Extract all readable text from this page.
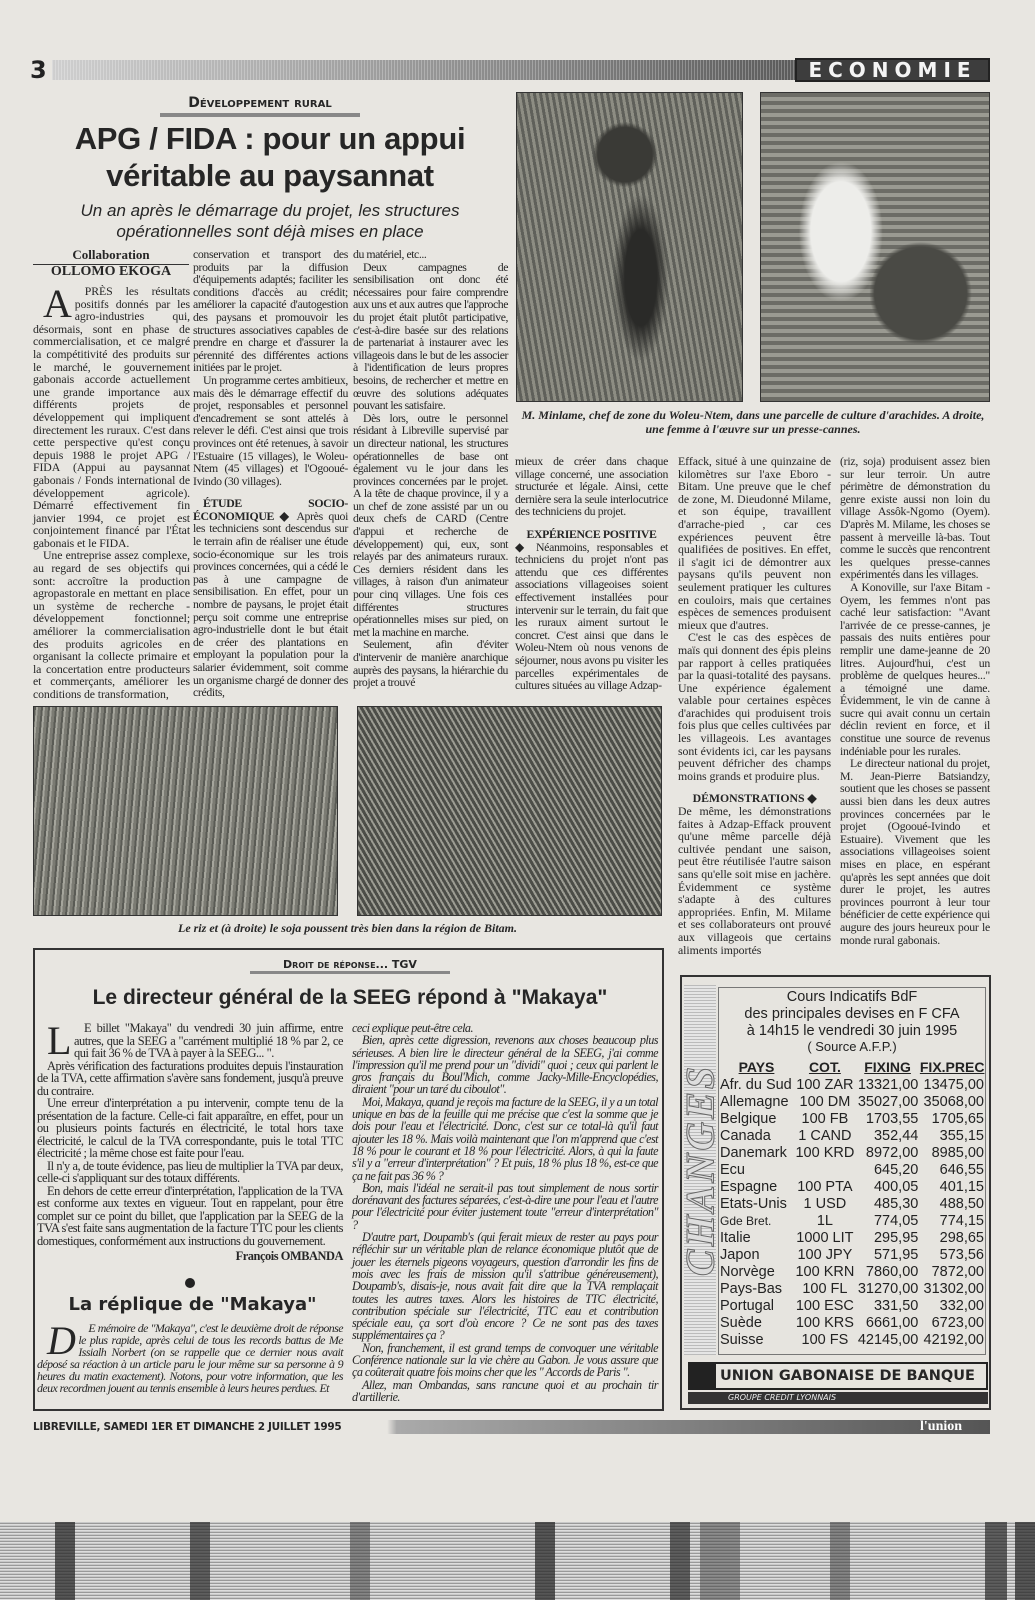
3	ECONOMIE
Développement rural
APG / FIDA : pour un appui véritable au paysannat
Un an après le démarrage du projet, les structures opérationnelles sont déjà mises en place
Collaboration
OLLOMO EKOGA

APRÈS les résultats positifs donnés par les agro-industries qui, désormais, sont en phase de commercialisation, et ce malgré la compétitivité des produits sur le marché, le gouvernement gabonais accorde actuellement une grande importance aux différents projets de développement qui impliquent directement les ruraux. C'est dans cette perspective qu'est conçu depuis 1988 le projet APG / FIDA (Appui au paysannat gabonais / Fonds international de développement agricole). Démarré effectivement fin janvier 1994, ce projet est conjointement financé par l'État gabonais et le FIDA.

Une entreprise assez complexe, au regard de ses objectifs qui sont: accroître la production agropastorale en mettant en place un système de recherche - développement fonctionnel; améliorer la commercialisation des produits agricoles en organisant la collecte primaire et la concertation entre producteurs et commerçants, améliorer les conditions de transformation,

conservation et transport des produits par la diffusion d'équipements adaptés; faciliter les conditions d'accès au crédit; améliorer la capacité d'autogestion des paysans et promouvoir les structures associatives capables de prendre en charge et d'assurer la pérennité des différentes actions initiées par le projet.

Un programme certes ambitieux, mais dès le démarrage effectif du projet, responsables et personnel d'encadrement se sont attelés à relever le défi. C'est ainsi que trois provinces ont été retenues, à savoir l'Estuaire (15 villages), le Woleu-Ntem (45 villages) et l'Ogooué-Ivindo (30 villages).

ÉTUDE SOCIO-ÉCONOMIQUE ◆ Après quoi les techniciens sont descendus sur le terrain afin de réaliser une étude socio-économique sur les trois provinces concernées, qui a cédé le pas à une campagne de sensibilisation. En effet, pour un nombre de paysans, le projet était perçu soit comme une entreprise agro-industrielle dont le but était de créer des plantations en employant la population pour la salarier évidemment, soit comme un organisme chargé de donner des crédits,

du matériel, etc...

Deux campagnes de sensibilisation ont donc été nécessaires pour faire comprendre aux uns et aux autres que l'approche du projet était plutôt participative, c'est-à-dire basée sur des relations de partenariat à instaurer avec les villageois dans le but de les associer à l'identification de leurs propres besoins, de rechercher et mettre en œuvre des solutions adéquates pouvant les satisfaire.

Dès lors, outre le personnel résidant à Libreville supervisé par un directeur national, les structures opérationnelles de base ont également vu le jour dans les provinces concernées par le projet. A la tête de chaque province, il y a un chef de zone assisté par un ou deux chefs de CARD (Centre d'appui et recherche de développement) qui, eux, sont relayés par des animateurs ruraux. Ces derniers résident dans les villages, à raison d'un animateur pour cinq villages. Une fois ces différentes structures opérationnelles mises sur pied, on met la machine en marche.

Seulement, afin d'éviter d'intervenir de manière anarchique auprès des paysans, la hiérarchie du projet a trouvé

mieux de créer dans chaque village concerné, une association structurée et légale. Ainsi, cette dernière sera la seule interlocutrice des techniciens du projet.

EXPÉRIENCE POSITIVE
◆ Néanmoins, responsables et techniciens du projet n'ont pas attendu que ces différentes associations villageoises soient effectivement installées pour intervenir sur le terrain, du fait que les ruraux aiment surtout le concret. C'est ainsi que dans le Woleu-Ntem où nous venons de séjourner, nous avons pu visiter les parcelles expérimentales de cultures situées au village Adzap-

Effack, situé à une quinzaine de kilomètres sur l'axe Eboro - Bitam. Une preuve que le chef de zone, M. Dieudonné Milame, et son équipe, travaillent d'arrache-pied , car ces expériences peuvent être qualifiées de positives. En effet, il s'agit ici de démontrer aux paysans qu'ils peuvent non seulement pratiquer les cultures en couloirs, mais que certaines espèces de semences produisent mieux que d'autres.

C'est le cas des espèces de maïs qui donnent des épis pleins par rapport à celles pratiquées par la quasi-totalité des paysans. Une expérience également valable pour certaines espèces d'arachides qui produisent trois fois plus que celles cultivées par les villageois. Les avantages sont évidents ici, car les paysans peuvent défricher des champs moins grands et produire plus.

DÉMONSTRATIONS ◆
De même, les démonstrations faites à Adzap-Effack prouvent qu'une même parcelle déjà cultivée pendant une saison, peut être réutilisée l'autre saison sans qu'elle soit mise en jachère. Évidemment ce système s'adapte à des cultures appropriées. Enfin, M. Milame et ses collaborateurs ont prouvé aux villageois que certains aliments importés

(riz, soja) produisent assez bien sur leur terroir. Un autre périmètre de démonstration du genre existe aussi non loin du village Assôk-Ngomo (Oyem). D'après M. Milame, les choses se passent à merveille là-bas. Tout comme le succès que rencontrent les quelques presse-cannes expérimentés dans les villages.

A Konoville, sur l'axe Bitam - Oyem, les femmes n'ont pas caché leur satisfaction: "Avant l'arrivée de ce presse-cannes, je passais des nuits entières pour remplir une dame-jeanne de 20 litres. Aujourd'hui, c'est un problème de quelques heures..." a témoigné une dame. Évidemment, le vin de canne à sucre qui avait connu un certain déclin revient en force, et il constitue une source de revenus indéniable pour les rurales.

Le directeur national du projet, M. Jean-Pierre Batsiandzy, soutient que les choses se passent aussi bien dans les deux autres provinces concernées par le projet (Ogooué-Ivindo et Estuaire). Vivement que les associations villageoises soient mises en place, en espérant qu'après les sept années que doit durer le projet, les autres provinces pourront à leur tour bénéficier de cette expérience qui augure des jours heureux pour le monde rural gabonais.

M. Minlame, chef de zone du Woleu-Ntem, dans une parcelle de culture d'arachides. A droite, une femme à l'œuvre sur un presse-cannes.
Le riz et (à droite) le soja poussent très bien dans la région de Bitam.
Droit de réponse... TGV
Le directeur général de la SEEG répond à "Makaya"

LE billet "Makaya" du vendredi 30 juin affirme, entre autres, que la SEEG a "carrément multiplié 18 % par 2, ce qui fait 36 % de TVA à payer à la SEEG... ".

Après vérification des facturations produites depuis l'instauration de la TVA, cette affirmation s'avère sans fondement, jusqu'à preuve du contraire.

Une erreur d'interprétation a pu intervenir, compte tenu de la présentation de la facture. Celle-ci fait apparaître, en effet, pour un ou plusieurs points facturés en électricité, le total hors taxe électricité, le calcul de la TVA correspondante, puis le total TTC électricité ; la même chose est faite pour l'eau.

Il n'y a, de toute évidence, pas lieu de multiplier la TVA par deux, celle-ci s'appliquant sur des totaux différents.

En dehors de cette erreur d'interprétation, l'application de la TVA est conforme aux textes en vigueur. Tout en rappelant, pour être complet sur ce point du billet, que l'application par la SEEG de la TVA s'est faite sans augmentation de la facture TTC pour les clients domestiques, conformément aux instructions du gouvernement.

François OMBANDA

La réplique de "Makaya"

DE mémoire de "Makaya", c'est le deuxième droit de réponse le plus rapide, après celui de tous les records battus de Me Issialh Norbert (on se rappelle que ce dernier nous avait déposé sa réaction à un article paru le jour même sur sa personne à 9 heures du matin exactement). Notons, pour votre information, que les deux recordmen jouent au tennis ensemble à leurs heures perdues. Et

ceci explique peut-être cela.

Bien, après cette digression, revenons aux choses beaucoup plus sérieuses. A bien lire le directeur général de la SEEG, j'ai comme l'impression qu'il me prend pour un "dividi" quoi ; ceux qui parlent le gros français du Boul'Mich, comme Jacky-Mille-Encyclopédies, diraient "pour un taré du ciboulot".

Moi, Makaya, quand je reçois ma facture de la SEEG, il y a un total unique en bas de la feuille qui me précise que c'est la somme que je dois pour l'eau et l'électricité. Donc, c'est sur ce total-là qu'il faut ajouter les 18 %. Mais voilà maintenant que l'on m'apprend que c'est 18 % pour le courant et 18 % pour l'électricité. Alors, à qui la faute s'il y a "erreur d'interprétation" ? Et puis, 18 % plus 18 %, est-ce que ça ne fait pas 36 % ?

Bon, mais l'idéal ne serait-il pas tout simplement de nous sortir dorénavant des factures séparées, c'est-à-dire une pour l'eau et l'autre pour l'électricité pour éviter justement toute "erreur d'interprétation" ?

D'autre part, Doupamb's (qui ferait mieux de rester au pays pour réfléchir sur un véritable plan de relance économique plutôt que de jouer les éternels pigeons voyageurs, question d'arrondir les fins de mois avec les frais de mission qu'il s'attribue généreusement), Doupamb's, disais-je, nous avait fait dire que la TVA remplaçait toutes les autres taxes. Alors les histoires de TTC électricité, contribution spéciale sur l'électricité, TTC eau et contribution spéciale eau, ça sort d'où encore ? Ce ne sont pas des taxes supplémentaires ça ?

Non, franchement, il est grand temps de convoquer une véritable Conférence nationale sur la vie chère au Gabon. Je vous assure que ça coûterait quatre fois moins cher que les " Accords de Paris ".

Allez, man Ombandas, sans rancune quoi et au prochain tir d'artillerie.

CHANGES
Cours Indicatifs BdF
des principales devises en F CFA
à 14h15 le vendredi 30 juin 1995
( Source A.F.P.)
PAYS	COT.	FIXING	FIX.PREC
Afr. du Sud	100 ZAR	13321,00	13475,00
Allemagne	100 DM	35027,00	35068,00
Belgique	100 FB	1703,55	1705,65
Canada	1 CAND	352,44	355,15
Danemark	100 KRD	8972,00	8985,00
Ecu		645,20	646,55
Espagne	100 PTA	400,05	401,15
Etats-Unis	1 USD	485,30	488,50
Gde Bret.	1L	774,05	774,15
Italie	1000 LIT	295,95	298,65
Japon	100 JPY	571,95	573,56
Norvège	100 KRN	7860,00	7872,00
Pays-Bas	100 FL	31270,00	31302,00
Portugal	100 ESC	331,50	332,00
Suède	100 KRS	6661,00	6723,00
Suisse	100 FS	42145,00	42192,00
UNION GABONAISE DE BANQUE
GROUPE CREDIT LYONNAIS
LIBREVILLE, SAMEDI 1ER ET DIMANCHE 2 JUILLET 1995	l'union
